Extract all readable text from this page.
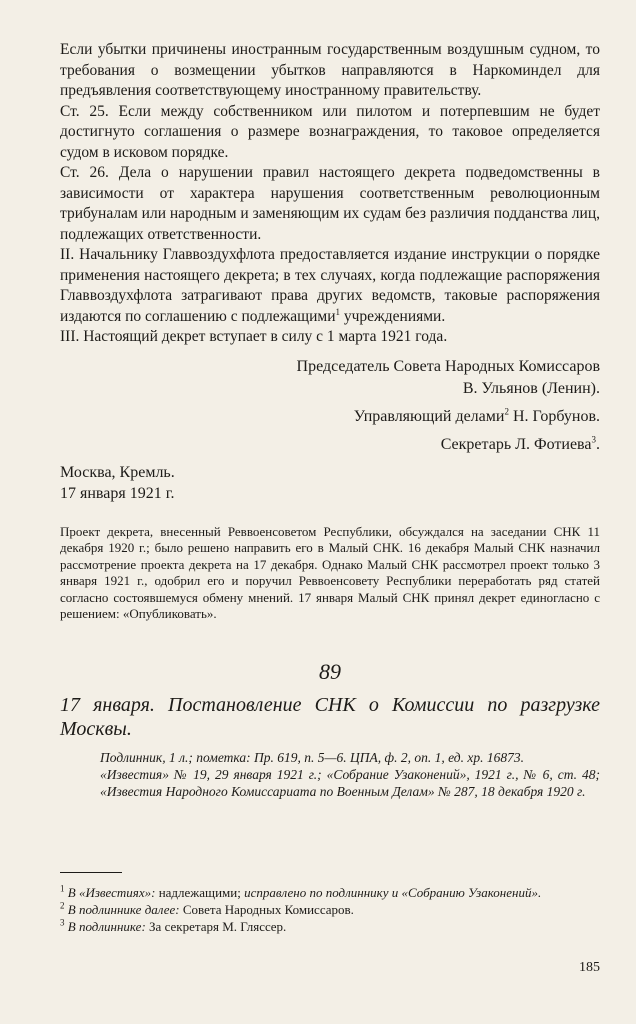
Если убытки причинены иностранным государственным воздушным судном, то требования о возмещении убытков направляются в Наркоминдел для предъявления соответствующему иностранному правительству.

Ст. 25. Если между собственником или пилотом и потерпевшим не будет достигнуто соглашения о размере вознаграждения, то таковое определяется судом в исковом порядке.

Ст. 26. Дела о нарушении правил настоящего декрета подведомственны в зависимости от характера нарушения соответственным революционным трибуналам или народным и заменяющим их судам без различия подданства лиц, подлежащих ответственности.

II. Начальнику Главвоздухфлота предоставляется издание инструкции о порядке применения настоящего декрета; в тех случаях, когда подлежащие распоряжения Главвоздухфлота затрагивают права других ведомств, таковые распоряжения издаются по соглашению с подлежащими$^1$ учреждениями.

III. Настоящий декрет вступает в силу с 1 марта 1921 года.

Председатель Совета Народных Комиссаров

В. Ульянов (Ленин).

Управляющий делами$^2$ Н. Горбунов.

Секретарь Л. Фотиева$^3$.

Москва, Кремль.
17 января 1921 г.

Проект декрета, внесенный Реввоенсоветом Республики, обсуждался на заседании СНК 11 декабря 1920 г.; было решено направить его в Малый СНК. 16 декабря Малый СНК назначил рассмотрение проекта декрета на 17 декабря. Однако Малый СНК рассмотрел проект только 3 января 1921 г., одобрил его и поручил Реввоенсовету Республики переработать ряд статей согласно состоявшемуся обмену мнений. 17 января Малый СНК принял декрет единогласно с решением: «Опубликовать».

89

17 января. Постановление СНК о Комиссии по разгрузке Москвы.

Подлинник, 1 л.; пометка: Пр. 619, п. 5—6. ЦПА, ф. 2, оп. 1, ед. хр. 16873.

«Известия» № 19, 29 января 1921 г.; «Собрание Узаконений», 1921 г., № 6, ст. 48; «Известия Народного Комиссариата по Военным Делам» № 287, 18 декабря 1920 г.

$^1$ В «Известиях»: надлежащими; исправлено по подлиннику и «Собранию Узаконений».

$^2$ В подлиннике далее: Совета Народных Комиссаров.

$^3$ В подлиннике: За секретаря М. Глясcер.

185
